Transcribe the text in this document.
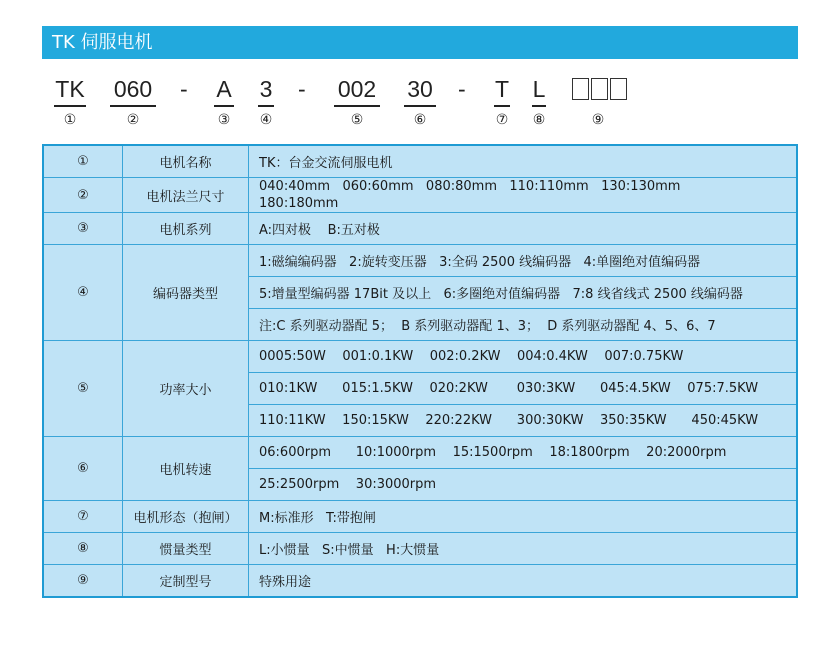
TK 伺服电机
TK 060 - A 3 - 002 30 - T L
①	②	③	④	⑤	⑥	⑦	⑧	⑨
①	电机名称	TK：台金交流伺服电机
②	电机法兰尺寸	040:40mm   060:60mm   080:80mm   110:110mm   130:130mm
180:180mm
③	电机系列	A:四对极    B:五对极
④	编码器类型	1:磁编编码器   2:旋转变压器   3:全码 2500 线编码器   4:单圈绝对值编码器
		5:增量型编码器 17Bit 及以上   6:多圈绝对值编码器   7:8 线省线式 2500 线编码器
		注:C 系列驱动器配 5；  B 系列驱动器配 1、3；  D 系列驱动器配 4、5、6、7
⑤	功率大小	0005:50W    001:0.1KW    002:0.2KW    004:0.4KW    007:0.75KW
		010:1KW      015:1.5KW    020:2KW       030:3KW      045:4.5KW    075:7.5KW
		110:11KW    150:15KW    220:22KW      300:30KW    350:35KW      450:45KW
⑥	电机转速	06:600rpm      10:1000rpm    15:1500rpm    18:1800rpm    20:2000rpm
		25:2500rpm    30:3000rpm
⑦	电机形态（抱闸）	M:标准形   T:带抱闸
⑧	惯量类型	L:小惯量   S:中惯量   H:大惯量
⑨	定制型号	特殊用途
